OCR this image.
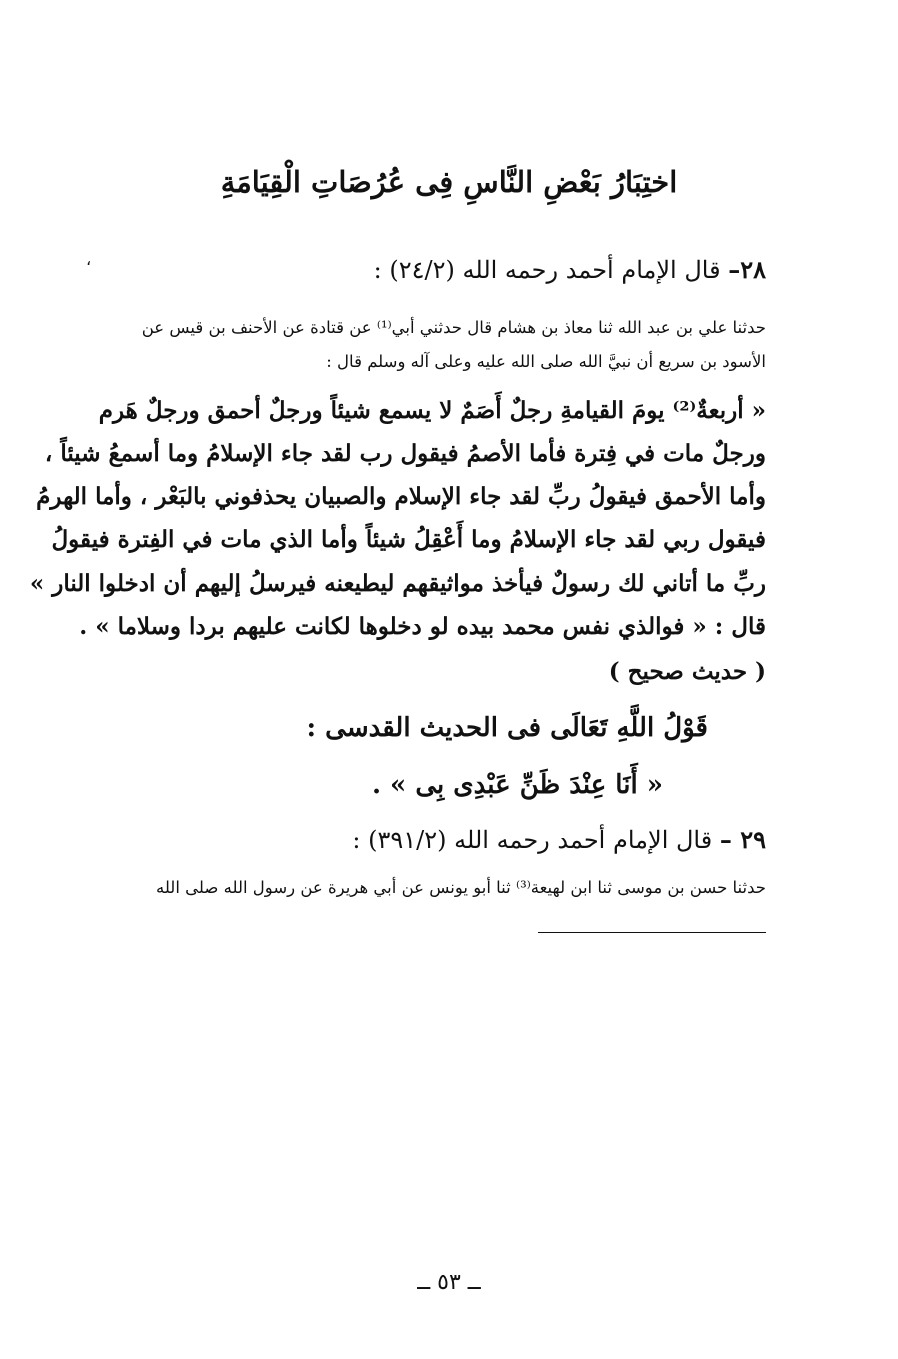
،
اختِبَارُ بَعْضِ النَّاسِ فِى عُرُصَاتِ الْقِيَامَةِ
٢٨– قال الإمام أحمد رحمه الله (٢٤/٢) :
حدثنا علي بن عبد الله ثنا معاذ بن هشام قال حدثني أبي⁽¹⁾ عن قتادة عن الأحنف بن قيس عن
الأسود بن سريع أن نبيَّ الله صلى الله عليه وعلى آله وسلم قال :
« أربعةٌ⁽²⁾ يومَ القيامةِ رجلٌ أَصَمٌ لا يسمع شيئاً ورجلٌ أحمق ورجلٌ هَرم
ورجلٌ مات في فِترة فأما الأصمُ فيقول رب لقد جاء الإسلامُ وما أسمعُ شيئاً ،
وأما الأحمق فيقولُ ربِّ لقد جاء الإسلام والصبيان يحذفوني بالبَعْر ، وأما الهرمُ
فيقول ربي لقد جاء الإسلامُ وما أَعْقِلُ شيئاً وأما الذي مات في الفِترة فيقولُ
ربِّ ما أتاني لك رسولٌ فيأخذ مواثيقهم ليطيعنه فيرسلُ إليهم أن ادخلوا النار »
قال : « فوالذي نفس محمد بيده لو دخلوها لكانت عليهم بردا وسلاما » .
( حديث صحيح )
قَوْلُ اللَّهِ تَعَالَى فى الحديث القدسى :
« أَنَا عِنْدَ ظَنِّ عَبْدِى بِى » .
٢٩ – قال الإمام أحمد رحمه الله (٣٩١/٢) :
حدثنا حسن بن موسى ثنا ابن لهيعة⁽³⁾ ثنا أبو يونس عن أبي هريرة عن رسول الله صلى الله
ــ ٥٣ ــ
